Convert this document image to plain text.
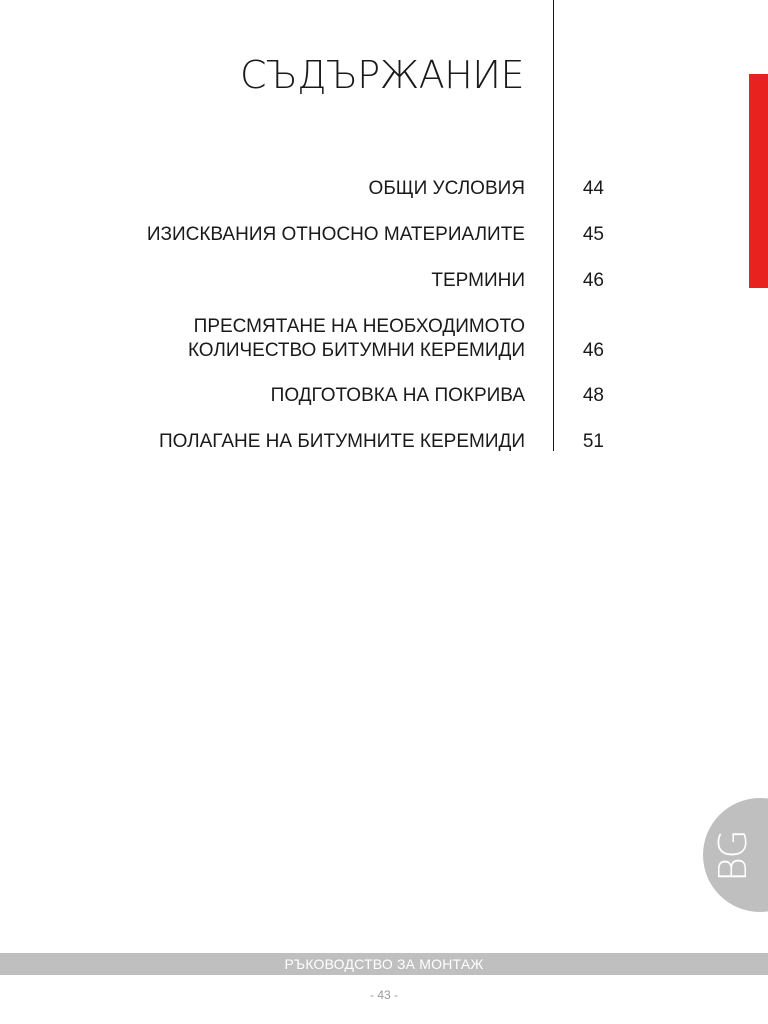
СЪДЪРЖАНИЕ
ОБЩИ УСЛОВИЯ	44
ИЗИСКВАНИЯ ОТНОСНО МАТЕРИАЛИТЕ	45
ТЕРМИНИ	46
ПРЕСМЯТАНЕ НА НЕОБХОДИМОТО
КОЛИЧЕСТВО БИТУМНИ КЕРЕМИДИ	46
ПОДГОТОВКА НА ПОКРИВА	48
ПОЛАГАНЕ НА БИТУМНИТЕ КЕРЕМИДИ	51
BG
РЪКОВОДСТВО ЗА МОНТАЖ
- 43 -
